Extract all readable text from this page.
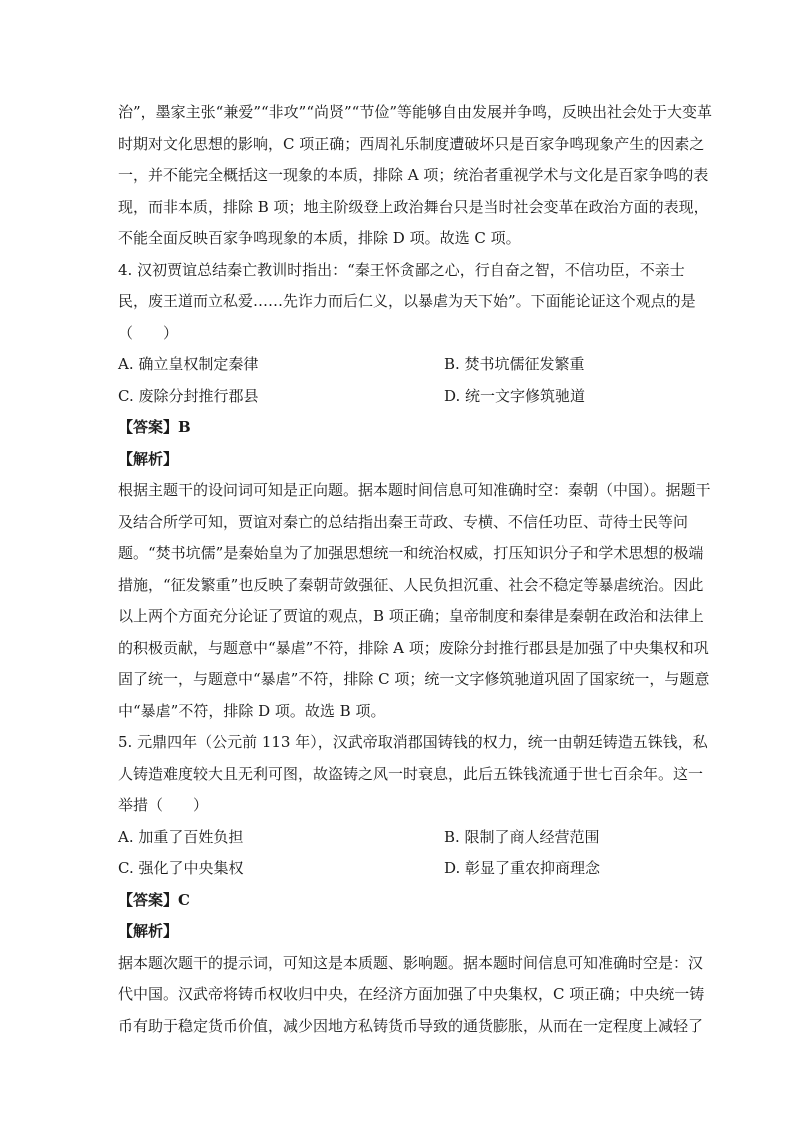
治”，墨家主张“兼爱”“非攻”“尚贤”“节俭”等能够自由发展并争鸣，反映出社会处于大变革
时期对文化思想的影响，C 项正确；西周礼乐制度遭破坏只是百家争鸣现象产生的因素之
一，并不能完全概括这一现象的本质，排除 A 项；统治者重视学术与文化是百家争鸣的表
现，而非本质，排除 B 项；地主阶级登上政治舞台只是当时社会变革在政治方面的表现，
不能全面反映百家争鸣现象的本质，排除 D 项。故选 C 项。
4. 汉初贾谊总结秦亡教训时指出：“秦王怀贪鄙之心，行自奋之智，不信功臣，不亲士
民，废王道而立私爱……先诈力而后仁义，以暴虐为天下始”。下面能论证这个观点的是
（　　）
A. 确立皇权制定秦律	B. 焚书坑儒征发繁重
C. 废除分封推行郡县	D. 统一文字修筑驰道
【答案】B
【解析】
根据主题干的设问词可知是正向题。据本题时间信息可知准确时空：秦朝（中国）。据题干
及结合所学可知，贾谊对秦亡的总结指出秦王苛政、专横、不信任功臣、苛待士民等问
题。“焚书坑儒”是秦始皇为了加强思想统一和统治权威，打压知识分子和学术思想的极端
措施，“征发繁重”也反映了秦朝苛敛强征、人民负担沉重、社会不稳定等暴虐统治。因此
以上两个方面充分论证了贾谊的观点，B 项正确；皇帝制度和秦律是秦朝在政治和法律上
的积极贡献，与题意中“暴虐”不符，排除 A 项；废除分封推行郡县是加强了中央集权和巩
固了统一，与题意中“暴虐”不符，排除 C 项；统一文字修筑驰道巩固了国家统一，与题意
中“暴虐”不符，排除 D 项。故选 B 项。
5. 元鼎四年（公元前 113 年），汉武帝取消郡国铸钱的权力，统一由朝廷铸造五铢钱，私
人铸造难度较大且无利可图，故盗铸之风一时衰息，此后五铢钱流通于世七百余年。这一
举措（　　）
A. 加重了百姓负担	B. 限制了商人经营范围
C. 强化了中央集权	D. 彰显了重农抑商理念
【答案】C
【解析】
据本题次题干的提示词，可知这是本质题、影响题。据本题时间信息可知准确时空是：汉
代中国。汉武帝将铸币权收归中央，在经济方面加强了中央集权，C 项正确；中央统一铸
币有助于稳定货币价值，减少因地方私铸货币导致的通货膨胀，从而在一定程度上减轻了
